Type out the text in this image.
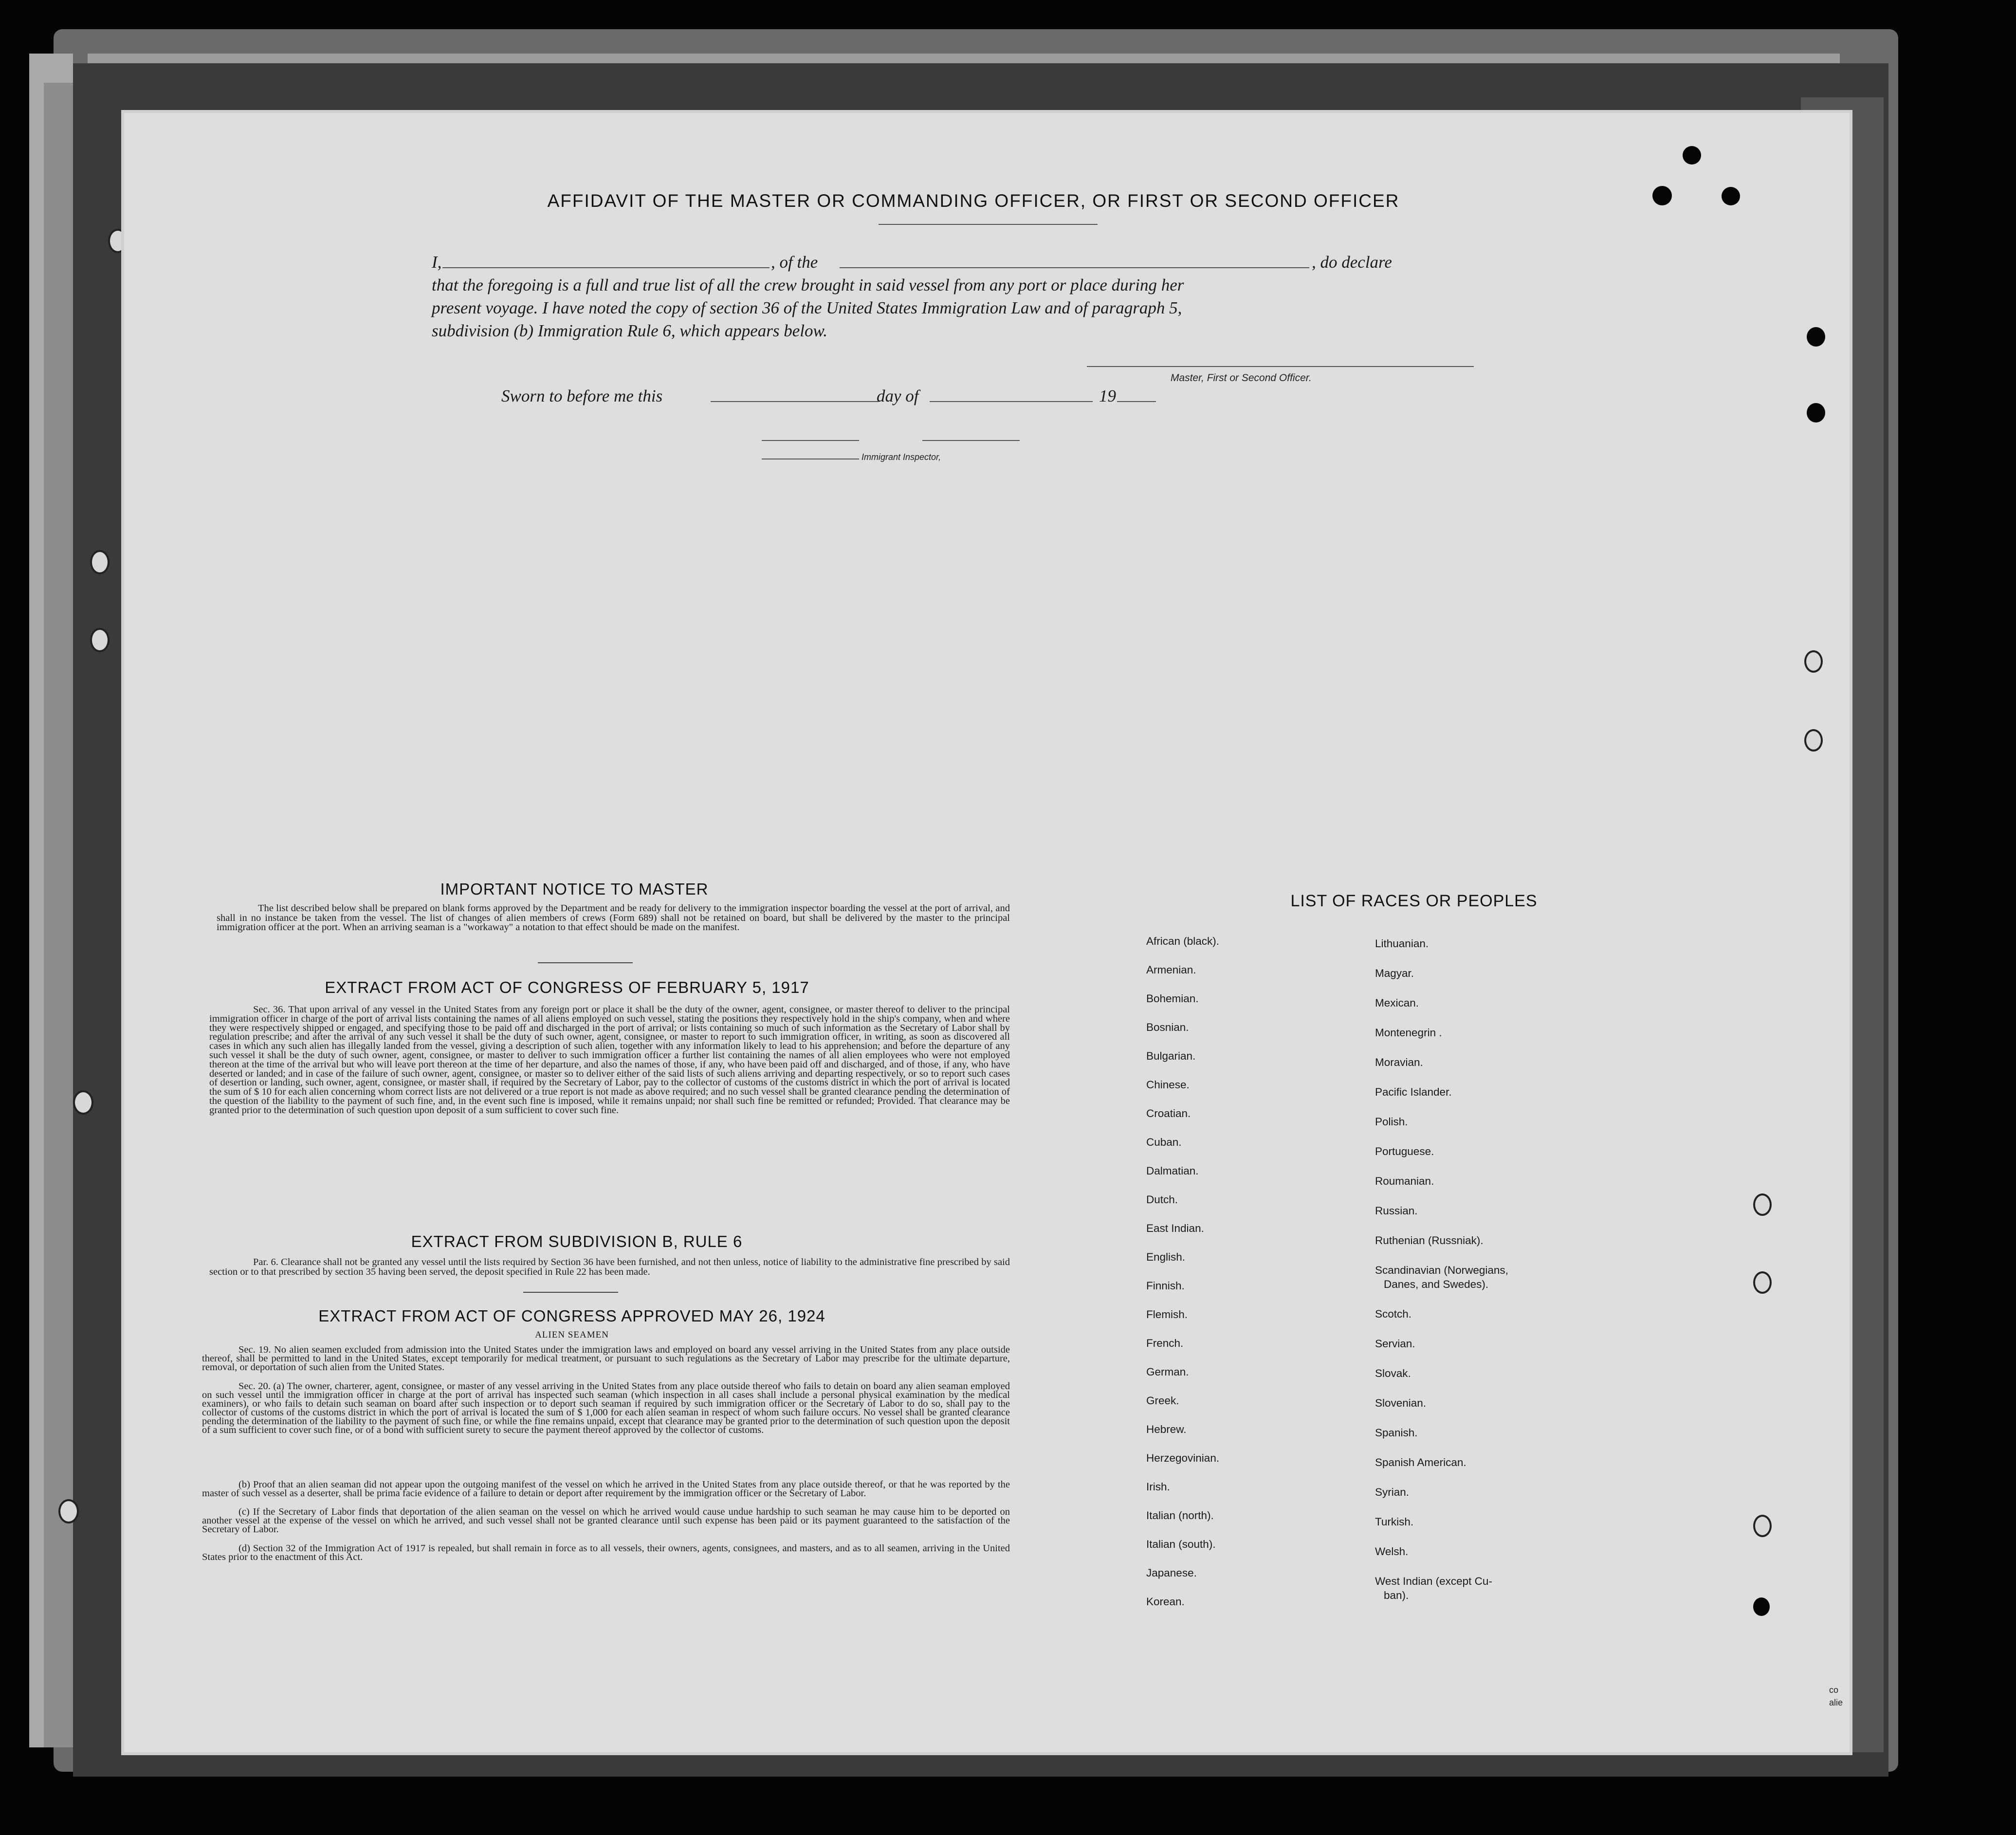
AFFIDAVIT OF THE MASTER OR COMMANDING OFFICER, OR FIRST OR SECOND OFFICER
I,	, of the	, do declare
that the foregoing is a full and true list of all the crew brought in said vessel from any port or place during her
present voyage. I have noted the copy of section 36 of the United States Immigration Law and of paragraph 5,
subdivision (b) Immigration Rule 6, which appears below.
Master, First or Second Officer.
Sworn to before me this	day of	19
Immigrant Inspector,
IMPORTANT NOTICE TO MASTER
The list described below shall be prepared on blank forms approved by the Department and be ready for delivery to the immigration inspector boarding the vessel at the port of arrival, and shall in no instance be taken from the vessel. The list of changes of alien members of crews (Form 689) shall not be retained on board, but shall be delivered by the master to the principal immigration officer at the port. When an arriving seaman is a "workaway" a notation to that effect should be made on the manifest.
EXTRACT FROM ACT OF CONGRESS OF FEBRUARY 5, 1917
Sec. 36. That upon arrival of any vessel in the United States from any foreign port or place it shall be the duty of the owner, agent, consignee, or master thereof to deliver to the principal immigration officer in charge of the port of arrival lists containing the names of all aliens employed on such vessel, stating the positions they respectively hold in the ship's company, when and where they were respectively shipped or engaged, and specifying those to be paid off and discharged in the port of arrival; or lists containing so much of such information as the Secretary of Labor shall by regulation prescribe; and after the arrival of any such vessel it shall be the duty of such owner, agent, consignee, or master to report to such immigration officer, in writing, as soon as discovered all cases in which any such alien has illegally landed from the vessel, giving a description of such alien, together with any information likely to lead to his apprehension; and before the departure of any such vessel it shall be the duty of such owner, agent, consignee, or master to deliver to such immigration officer a further list containing the names of all alien employees who were not employed thereon at the time of the arrival but who will leave port thereon at the time of her departure, and also the names of those, if any, who have been paid off and discharged, and of those, if any, who have deserted or landed; and in case of the failure of such owner, agent, consignee, or master so to deliver either of the said lists of such aliens arriving and departing respectively, or so to report such cases of desertion or landing, such owner, agent, consignee, or master shall, if required by the Secretary of Labor, pay to the collector of customs of the customs district in which the port of arrival is located the sum of $ 10 for each alien concerning whom correct lists are not delivered or a true report is not made as above required; and no such vessel shall be granted clearance pending the determination of the question of the liability to the payment of such fine, and, in the event such fine is imposed, while it remains unpaid; nor shall such fine be remitted or refunded; Provided. That clearance may be granted prior to the determination of such question upon deposit of a sum sufficient to cover such fine.
EXTRACT FROM SUBDIVISION B, RULE 6
Par. 6. Clearance shall not be granted any vessel until the lists required by Section 36 have been furnished, and not then unless, notice of liability to the administrative fine prescribed by said section or to that prescribed by section 35 having been served, the deposit specified in Rule 22 has been made.
EXTRACT FROM ACT OF CONGRESS APPROVED MAY 26, 1924
ALIEN SEAMEN
Sec. 19. No alien seamen excluded from admission into the United States under the immigration laws and employed on board any vessel arriving in the United States from any place outside thereof, shall be permitted to land in the United States, except temporarily for medical treatment, or pursuant to such regulations as the Secretary of Labor may prescribe for the ultimate departure, removal, or deportation of such alien from the United States.
Sec. 20. (a) The owner, charterer, agent, consignee, or master of any vessel arriving in the United States from any place outside thereof who fails to detain on board any alien seaman employed on such vessel until the immigration officer in charge at the port of arrival has inspected such seaman (which inspection in all cases shall include a personal physical examination by the medical examiners), or who fails to detain such seaman on board after such inspection or to deport such seaman if required by such immigration officer or the Secretary of Labor to do so, shall pay to the collector of customs of the customs district in which the port of arrival is located the sum of $ 1,000 for each alien seaman in respect of whom such failure occurs. No vessel shall be granted clearance pending the determination of the liability to the payment of such fine, or while the fine remains unpaid, except that clearance may be granted prior to the determination of such question upon the deposit of a sum sufficient to cover such fine, or of a bond with sufficient surety to secure the payment thereof approved by the collector of customs.
(b) Proof that an alien seaman did not appear upon the outgoing manifest of the vessel on which he arrived in the United States from any place outside thereof, or that he was reported by the master of such vessel as a deserter, shall be prima facie evidence of a failure to detain or deport after requirement by the immigration officer or the Secretary of Labor.
(c) If the Secretary of Labor finds that deportation of the alien seaman on the vessel on which he arrived would cause undue hardship to such seaman he may cause him to be deported on another vessel at the expense of the vessel on which he arrived, and such vessel shall not be granted clearance until such expense has been paid or its payment guaranteed to the satisfaction of the Secretary of Labor.
(d) Section 32 of the Immigration Act of 1917 is repealed, but shall remain in force as to all vessels, their owners, agents, consignees, and masters, and as to all seamen, arriving in the United States prior to the enactment of this Act.
LIST OF RACES OR PEOPLES
African (black).
Armenian.
Bohemian.
Bosnian.
Bulgarian.
Chinese.
Croatian.
Cuban.
Dalmatian.
Dutch.
East Indian.
English.
Finnish.
Flemish.
French.
German.
Greek.
Hebrew.
Herzegovinian.
Irish.
Italian (north).
Italian (south).
Japanese.
Korean.
Lithuanian.
Magyar.
Mexican.
Montenegrin .
Moravian.
Pacific Islander.
Polish.
Portuguese.
Roumanian.
Russian.
Ruthenian (Russniak).
Scandinavian (Norwegians,
Danes, and Swedes).
Scotch.
Servian.
Slovak.
Slovenian.
Spanish.
Spanish American.
Syrian.
Turkish.
Welsh.
West Indian (except Cu-
ban).
co
alie
